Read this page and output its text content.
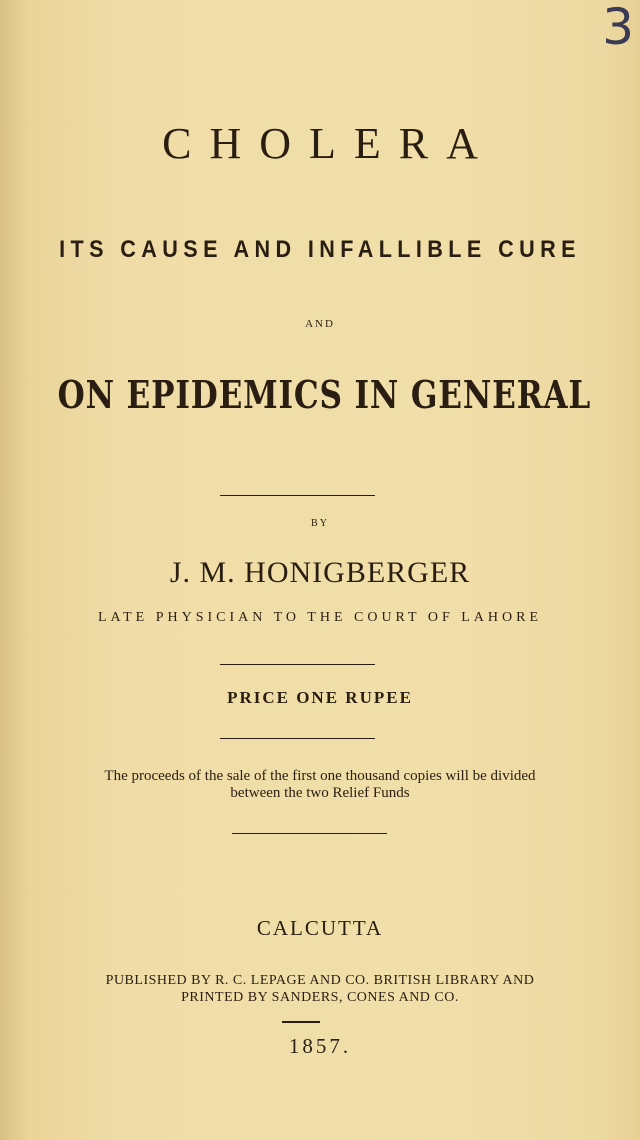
3
CHOLERA
ITS CAUSE AND INFALLIBLE CURE
AND
ON EPIDEMICS IN GENERAL
BY
J. M. HONIGBERGER
LATE PHYSICIAN TO THE COURT OF LAHORE
PRICE ONE RUPEE
The proceeds of the sale of the first one thousand copies will be divided
between the two Relief Funds
CALCUTTA
PUBLISHED BY R. C. LEPAGE AND CO. BRITISH LIBRARY AND
PRINTED BY SANDERS, CONES AND CO.
1857.
